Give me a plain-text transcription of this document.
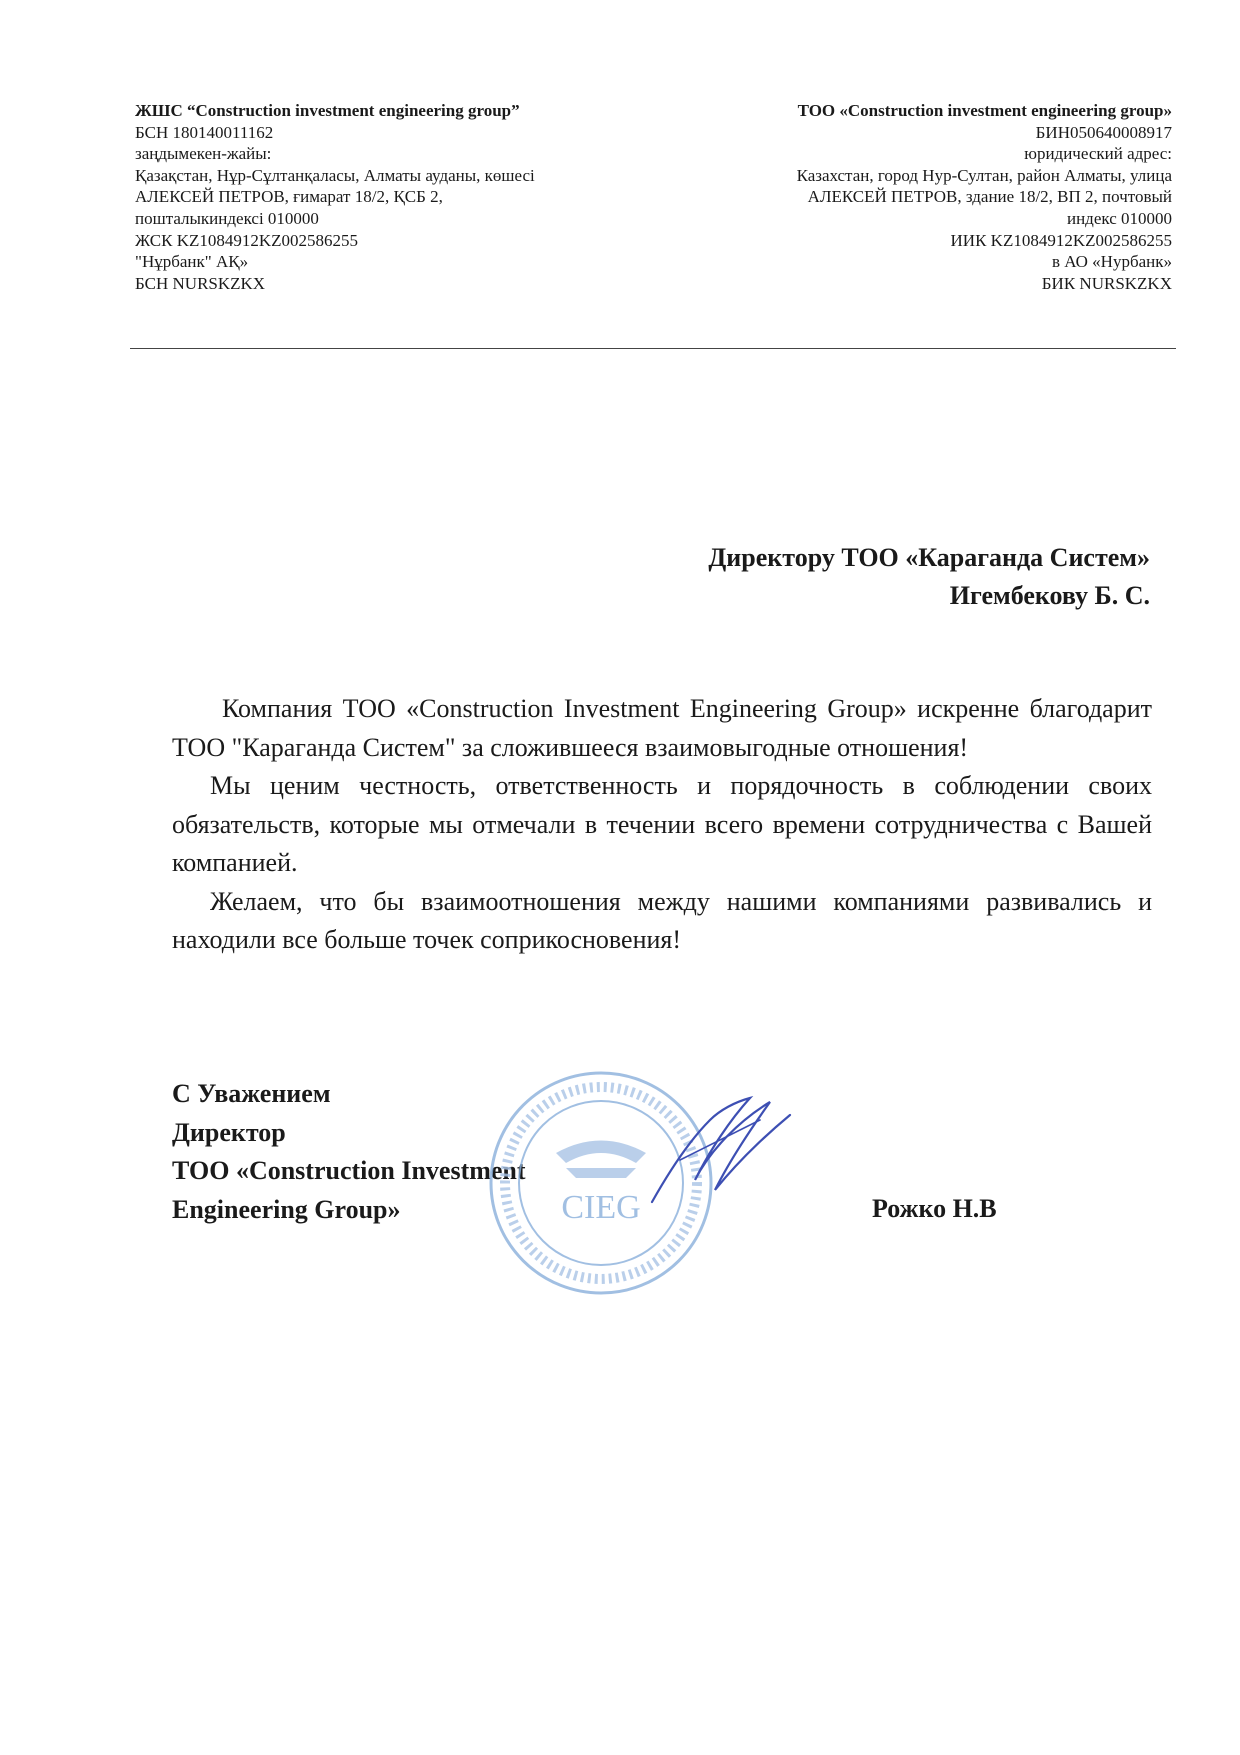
ЖШС “Construction investment engineering group”
БСН 180140011162
заңдымекен-жайы:
Қазақстан, Нұр-Сұлтанқаласы, Алматы ауданы, көшесі
АЛЕКСЕЙ ПЕТРОВ, ғимарат 18/2, ҚСБ 2,
пошталыкиндексі 010000
ЖСК KZ1084912KZ002586255
"Нұрбанк" АҚ»
БСН NURSKZKX
ТОО «Construction investment engineering group»
БИН050640008917
юридический адрес:
Казахстан, город Нур-Султан, район Алматы, улица
АЛЕКСЕЙ ПЕТРОВ, здание 18/2, ВП 2, почтовый
индекс 010000
ИИК KZ1084912KZ002586255
в АО «Нурбанк»
БИК NURSKZKX
Директору ТОО «Караганда Систем»
Игембекову Б. С.

Компания ТОО «Construction Investment Engineering Group» искренне благодарит ТОО "Караганда Систем" за сложившееся взаимовыгодные отношения!

Мы ценим честность, ответственность и порядочность в соблюдении своих обязательств, которые мы отмечали в течении всего времени сотрудничества с Вашей компанией.

Желаем, что бы взаимоотношения между нашими компаниями развивались и находили все больше точек соприкосновения!

С Уважением
Директор
ТОО «Construction Investment
Engineering Group»	Рожко Н.В
CIEG
